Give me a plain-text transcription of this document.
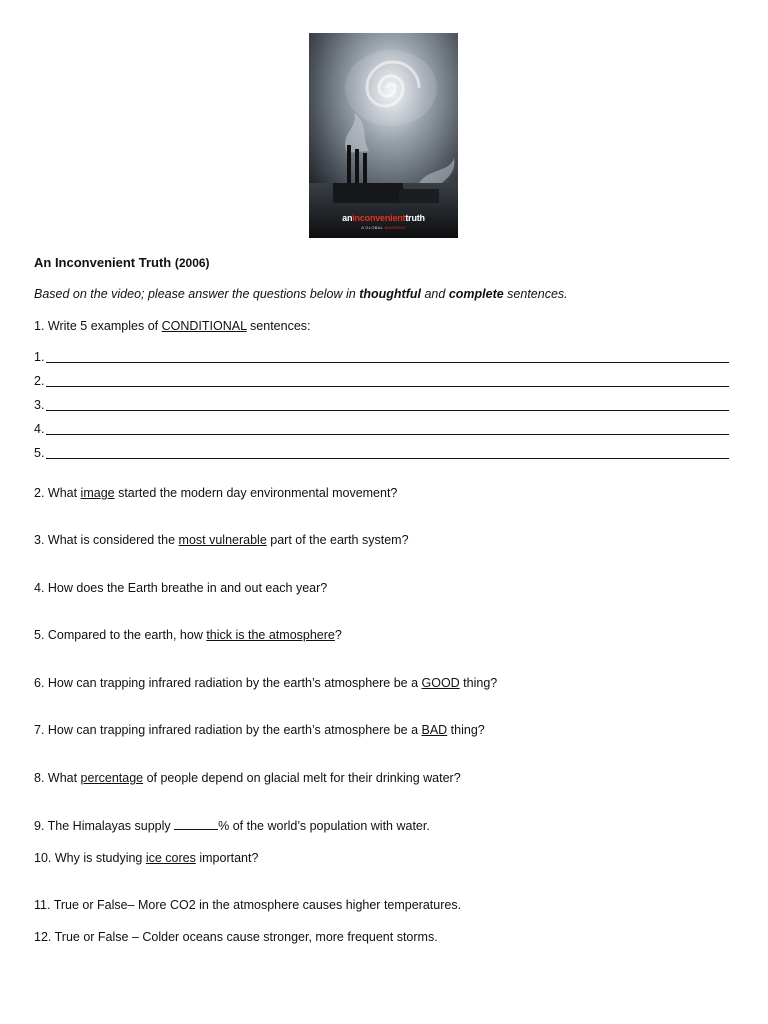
aninconvenienttruth
A GLOBAL WARNING
An Inconvenient Truth (2006)
Based on the video; please answer the questions below in thoughtful and complete sentences.
1. Write 5 examples of CONDITIONAL sentences:
1.
2.
3.
4.
5.
2. What image started the modern day environmental movement?
3. What is considered the most vulnerable part of the earth system?
4. How does the Earth breathe in and out each year?
5. Compared to the earth, how thick is the atmosphere?
6. How can trapping infrared radiation by the earth’s atmosphere be a GOOD thing?
7. How can trapping infrared radiation by the earth’s atmosphere be a BAD thing?
8. What percentage of people depend on glacial melt for their drinking water?
9. The Himalayas supply	% of the world’s population with water.
10. Why is studying ice cores important?
11. True or False– More CO2 in the atmosphere causes higher temperatures.
12. True or False – Colder oceans cause stronger, more frequent storms.
